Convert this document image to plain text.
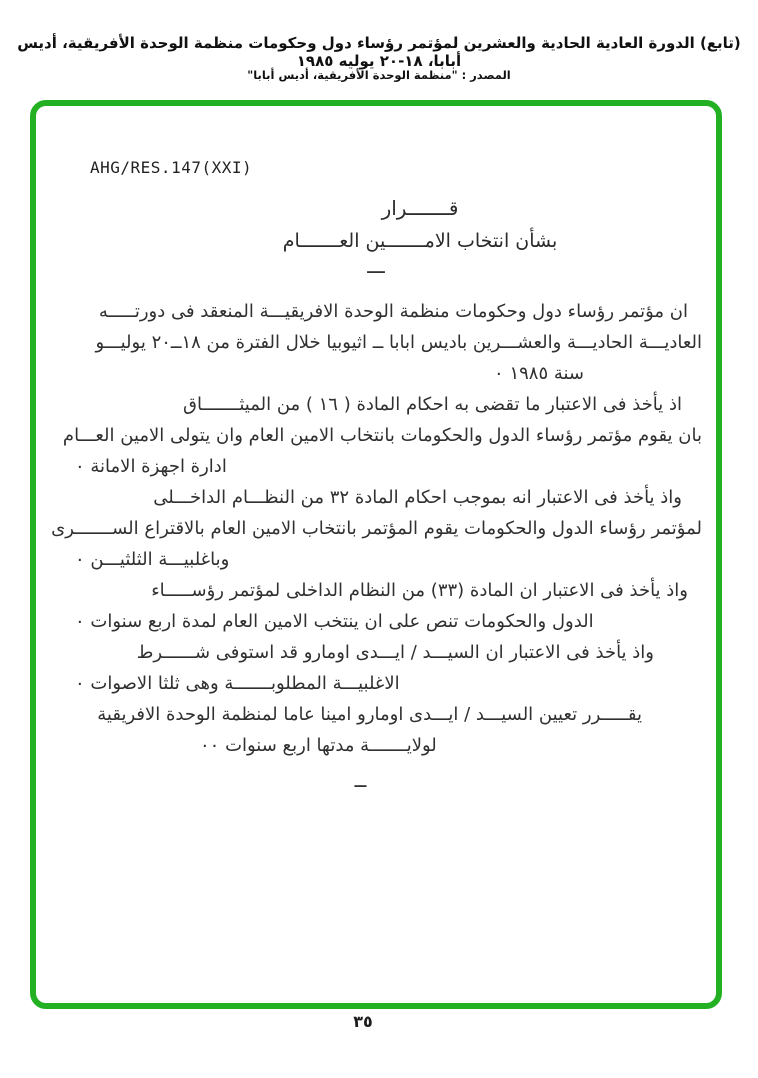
(تابع) الدورة العادية الحادية والعشرين لمؤتمر رؤساء دول وحكومات منظمة الوحدة الأفريقية، أديس أبابا، ١٨-٢٠ يوليه ١٩٨٥
المصدر : "منظمة الوحدة الأفريقية، أديس أبابا"
AHG/RES.147(XXI)
قـــــــرار
بشأن انتخاب الامـــــــين العـــــــام
ـــ
ان مؤتمر رؤساء دول وحكومات منظمة الوحدة الافريقيـــة المنعقد فى دورتـــــه
العاديـــة الحاديـــة والعشـــرين باديس ابابا ــ اثيوبيا خلال الفترة من ١٨ــ٢٠ يوليـــو
سنة ١٩٨٥ ٠
اذ يأخذ فى الاعتبار ما تقضى به احكام المادة ( ١٦ ) من الميثـــــــاق
بان يقوم مؤتمر رؤساء الدول والحكومات بانتخاب الامين العام وان يتولى الامين العـــام
ادارة اجهزة الامانة ٠
واذ يأخذ فى الاعتبار انه بموجب احكام المادة ٣٢ من النظـــام الداخـــلى
لمؤتمر رؤساء الدول والحكومات يقوم المؤتمر بانتخاب الامين العام بالاقتراع الســـــــرى
وباغلبيـــة الثلثيـــن ٠
واذ يأخذ فى الاعتبار ان المادة (٣٣) من النظام الداخلى لمؤتمر رؤســـــاء
الدول والحكومات تنص على ان ينتخب الامين العام لمدة اربع سنوات ٠
واذ يأخذ فى الاعتبار ان السيـــد / ايـــدى اومارو قد استوفى شــــــرط
الاغلبيـــة المطلوبـــــــة وهى ثلثا الاصوات ٠
يقـــــرر تعيين السيـــد / ايـــدى اومارو امينا عاما لمنظمة الوحدة الافريقية
لولايـــــــة مدتها اربع سنوات ٠٠
ــ
٣٥
